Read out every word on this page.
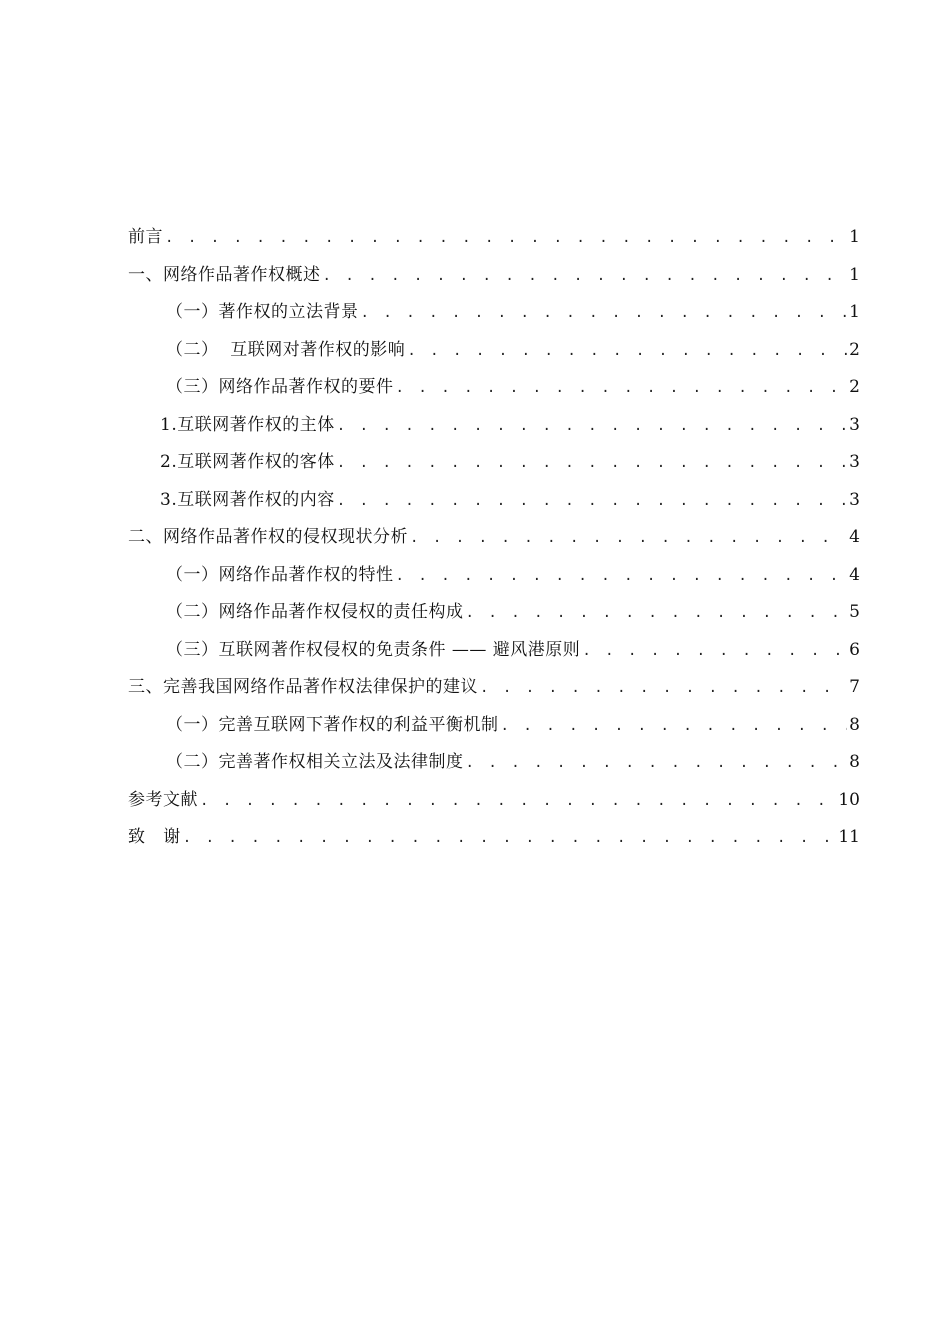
前言 . . .	1
一、网络作品著作权概述 . . .	1
（一）著作权的立法背景 . . .	1
（二）  互联网对著作权的影响 . . .	2
（三）网络作品著作权的要件 . . .	2
1.互联网著作权的主体 . . .	3
2.互联网著作权的客体 . . .	3
3.互联网著作权的内容 . . .	3
二、网络作品著作权的侵权现状分析 . . .	4
（一）网络作品著作权的特性 . . .	4
（二）网络作品著作权侵权的责任构成 . . .	5
（三）互联网著作权侵权的免责条件 —— 避风港原则 . . .	6
三、完善我国网络作品著作权法律保护的建议 . . .	7
（一）完善互联网下著作权的利益平衡机制 . . .	8
（二）完善著作权相关立法及法律制度 . . .	8
参考文献 . . .	10
致   谢 . . .	11
